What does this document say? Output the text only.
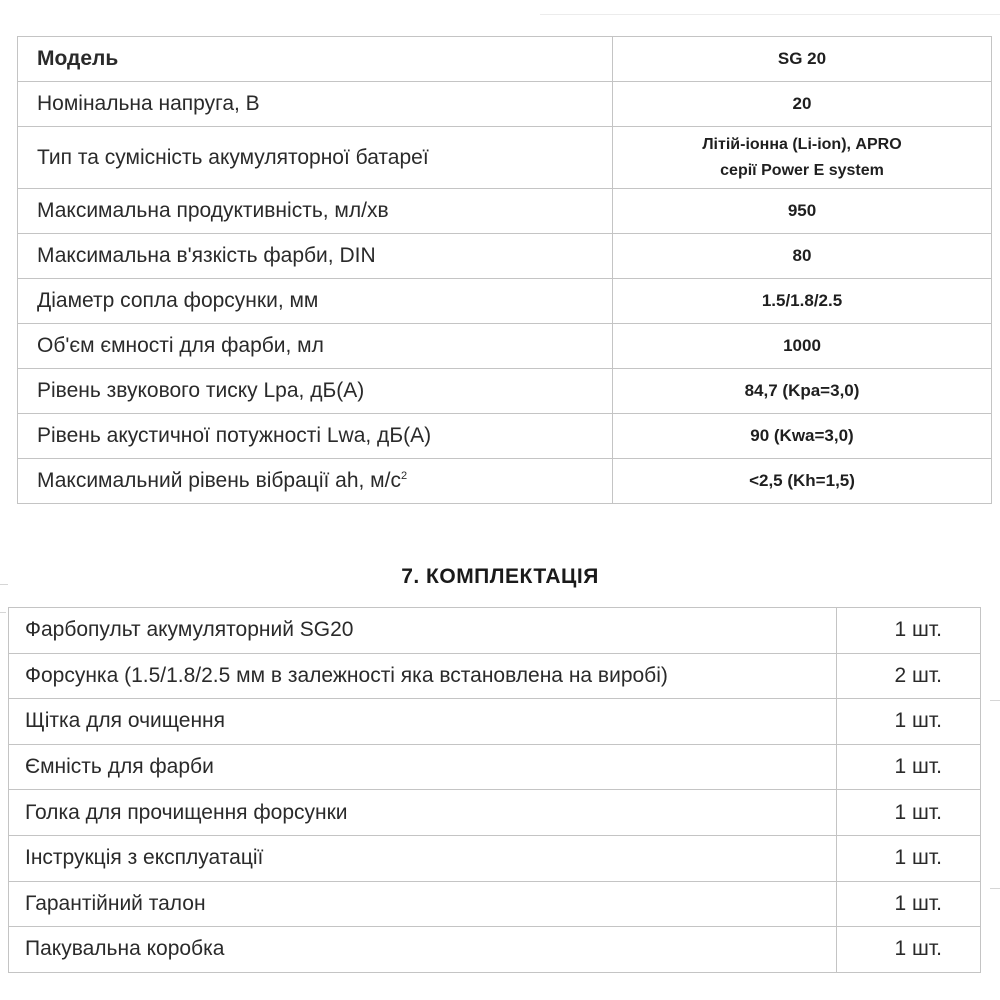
Модель	SG 20
Номінальна напруга, В	20
Тип та сумісність акумуляторної батареї	Літій-іонна (Li-ion), APRO
серії Power E system
Максимальна продуктивність, мл/хв	950
Максимальна в'язкість фарби, DIN	80
Діаметр сопла форсунки, мм	1.5/1.8/2.5
Об'єм ємності для фарби, мл	1000
Рівень звукового тиску Lpa, дБ(А)	84,7 (Kpa=3,0)
Рівень акустичної потужності Lwa, дБ(А)	90 (Kwa=3,0)
Максимальний рівень вібрації ah, $м/с^2$	<2,5 (Kh=1,5)
7. КОМПЛЕКТАЦІЯ
Фарбопульт акумуляторний SG20	1 шт.
Форсунка (1.5/1.8/2.5 мм в залежності яка встановлена на виробі)	2 шт.
Щітка для очищення	1 шт.
Ємність для фарби	1 шт.
Голка для прочищення форсунки	1 шт.
Інструкція з експлуатації	1 шт.
Гарантійний талон	1 шт.
Пакувальна коробка	1 шт.
